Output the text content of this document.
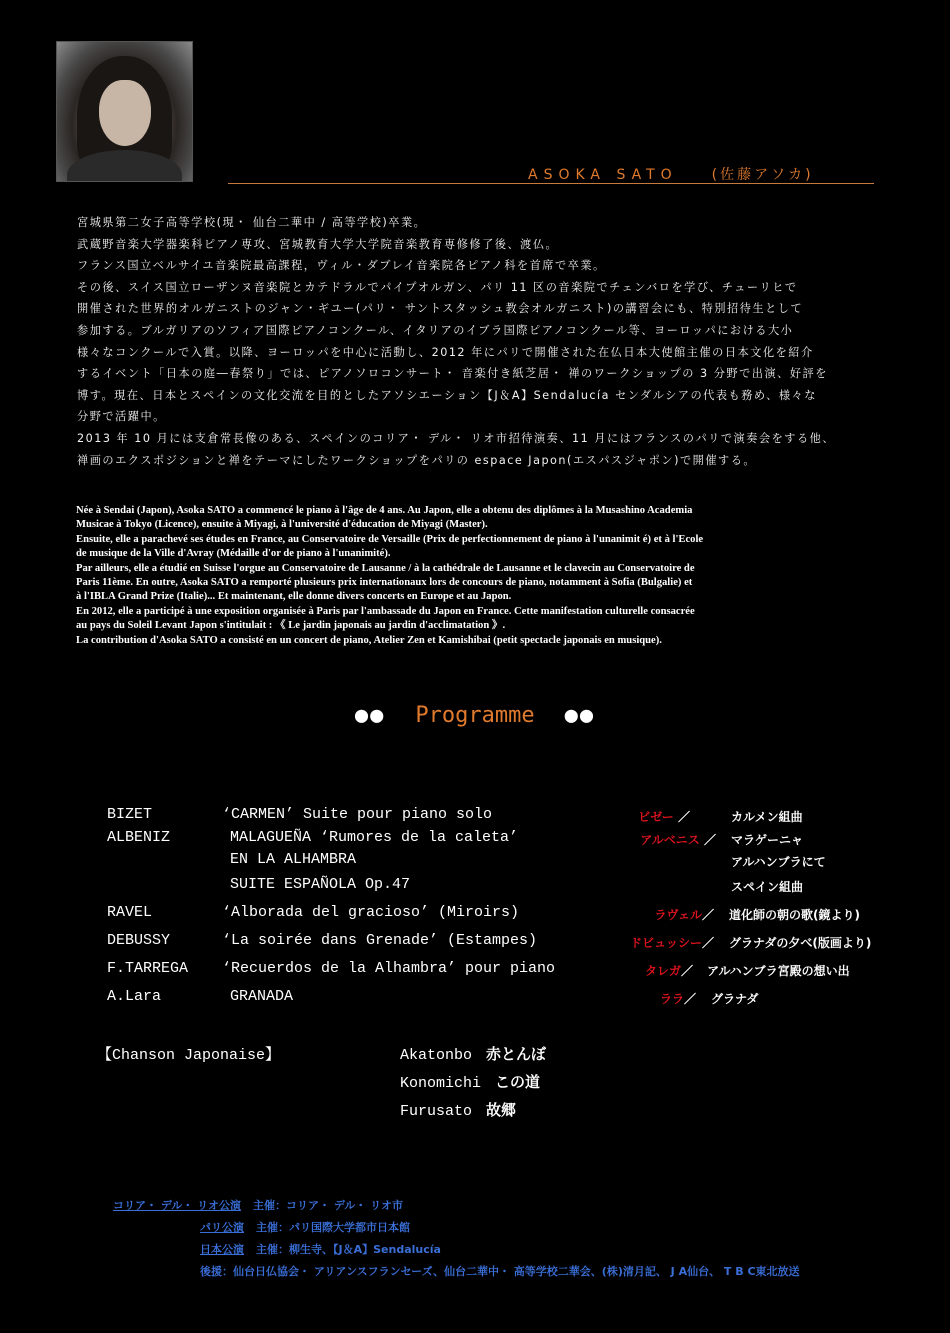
ASOKA SATO (佐藤アソカ)

宮城県第二女子高等学校(現・ 仙台二華中 / 高等学校)卒業。

武蔵野音楽大学器楽科ピアノ専攻、宮城教育大学大学院音楽教育専修修了後、渡仏。

フランス国立ベルサイユ音楽院最高課程，ヴィル・ダブレイ音楽院各ピアノ科を首席で卒業。

その後、スイス国立ローザンヌ音楽院とカテドラルでパイプオルガン、パリ 11 区の音楽院でチェンバロを学び、チューリヒで

開催された世界的オルガニストのジャン・ギユー(パリ・ サントスタッシュ教会オルガニスト)の講習会にも、特別招待生として

参加する。ブルガリアのソフィア国際ピアノコンクール、イタリアのイブラ国際ピアノコンクール等、ヨーロッパにおける大小

様々なコンクールで入賞。以降、ヨーロッパを中心に活動し、2012 年にパリで開催された在仏日本大使館主催の日本文化を紹介

するイベント「日本の庭―春祭り」では、ピアノソロコンサート・ 音楽付き紙芝居・ 禅のワークショップの 3 分野で出演、好評を

博す。現在、日本とスペインの文化交流を目的としたアソシエーション【J＆A】Sendalucía センダルシアの代表も務め、様々な

分野で活躍中。

2013 年 10 月には支倉常長像のある、スペインのコリア・ デル・ リオ市招待演奏、11 月にはフランスのパリで演奏会をする他、

禅画のエクスポジションと禅をテーマにしたワークショップをパリの espace Japon(エスパスジャポン)で開催する。

Née à Sendai (Japon), Asoka SATO a commencé le piano à l'âge de 4 ans. Au Japon, elle a obtenu des diplômes à la Musashino Academia

Musicae à Tokyo (Licence), ensuite à Miyagi, à l'université d'éducation de Miyagi (Master).

Ensuite, elle a parachevé ses études en France, au Conservatoire de Versaille (Prix de perfectionnement de piano à l'unanimit é) et à l'Ecole

de musique de la Ville d'Avray (Médaille d'or de piano à l'unanimité).

Par ailleurs, elle a étudié en Suisse l'orgue au Conservatoire de Lausanne / à la cathédrale de Lausanne et le clavecin au Conservatoire de

Paris 11ème. En outre, Asoka SATO a remporté plusieurs prix internationaux lors de concours de piano, notamment à Sofia (Bulgalie) et

à l'IBLA Grand Prize (Italie)... Et maintenant, elle donne divers concerts en Europe et au Japon.

En 2012, elle a participé à une exposition organisée à Paris par l'ambassade du Japon en France. Cette manifestation culturelle consacrée

au pays du Soleil Levant Japon s'intitulait : 《 Le jardin japonais au jardin d'acclimatation 》.

La contribution d'Asoka SATO a consisté en un concert de piano, Atelier Zen et Kamishibai (petit spectacle japonais en musique).

●● Programme ●●
BIZET	‘CARMEN’ Suite pour piano solo	ビゼー ／	カルメン組曲
ALBENIZ	MALAGUEÑA ‘Rumores de la caleta’	アルベニス ／ マラゲーニャ
EN LA ALHAMBRA	アルハンブラにて
SUITE ESPAÑOLA Op.47	スペイン組曲
RAVEL	‘Alborada del gracioso’ (Miroirs)	ラヴェル／ 道化師の朝の歌(鏡より)
DEBUSSY	‘La soirée dans Grenade’ (Estampes)	ドビュッシー／ グラナダの夕べ(版画より)
F.TARREGA ‘Recuerdos de la Alhambra’ pour piano	タレガ／ アルハンブラ宮殿の想い出
A.Lara	GRANADA	ララ／ グラナダ
【Chanson Japonaise】	Akatonbo 赤とんぼ
Konomichi この道
Furusato 故郷
コリア・ デル・ リオ公演 主催：コリア・ デル・ リオ市
パリ公演 主催：パリ国際大学都市日本館
日本公演 主催：柳生寺、【J＆A】Sendalucía
後援：仙台日仏協会・ アリアンスフランセーズ、仙台二華中・ 高等学校二華会、(株)清月記、 J A仙台、 T B C東北放送
